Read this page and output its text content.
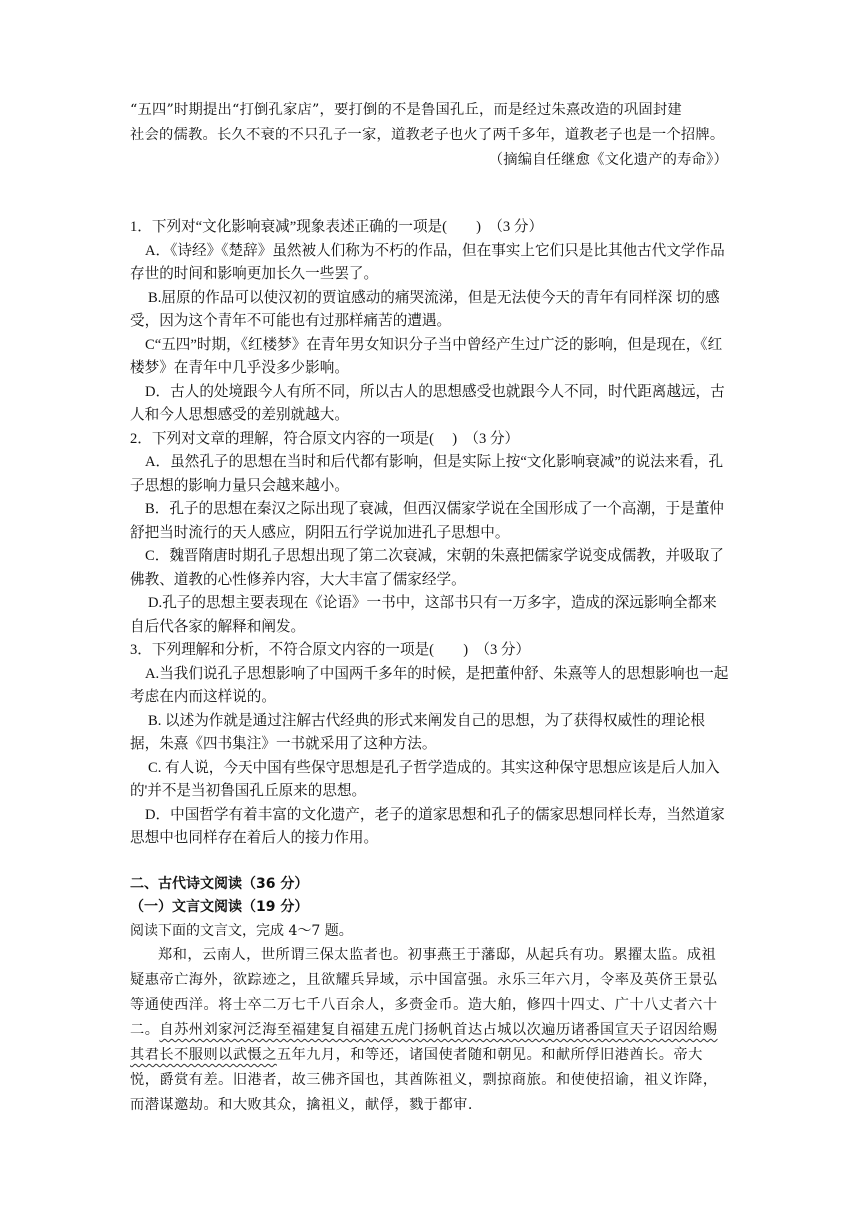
“五四”时期提出“打倒孔家店”，要打倒的不是鲁国孔丘，而是经过朱熹改造的巩固封建

社会的儒教。长久不衰的不只孔子一家，道教老子也火了两千多年，道教老子也是一个招牌。

（摘编自任继愈《文化遗产的寿命》）

1．下列对“文化影响衰减”现象表述正确的一项是(　　)　（3 分）

A．《诗经》《楚辞》虽然被人们称为不朽的作品，但在事实上它们只是比其他古代文学作品存世的时间和影响更加长久一些罢了。

B.屈原的作品可以使汉初的贾谊感动的痛哭流涕，但是无法使今天的青年有同样深 切的感受，因为这个青年不可能也有过那样痛苦的遭遇。

C“五四”时期，《红楼梦》在青年男女知识分子当中曾经产生过广泛的影响，但是现在，《红楼梦》在青年中几乎没多少影响。

D．古人的处境跟今人有所不同，所以古人的思想感受也就跟今人不同，时代距离越远，古人和今人思想感受的差别就越大。

2．下列对文章的理解，符合原文内容的一项是(　 )　（3 分）

A．虽然孔子的思想在当时和后代都有影响，但是实际上按“文化影响衰减”的说法来看，孔子思想的影响力量只会越来越小。

B．孔子的思想在秦汉之际出现了衰减，但西汉儒家学说在全国形成了一个高潮，于是董仲舒把当时流行的天人感应，阴阳五行学说加进孔子思想中。

C．魏晋隋唐时期孔子思想出现了第二次衰减，宋朝的朱熹把儒家学说变成儒教，并吸取了佛教、道教的心性修养内容，大大丰富了儒家经学。

D.孔子的思想主要表现在《论语》一书中，这部书只有一万多字，造成的深远影响全都来自后代各家的解释和阐发。

3．下列理解和分析，不符合原文内容的一项是(　　)　（3 分）

A.当我们说孔子思想影响了中国两千多年的时候，是把董仲舒、朱熹等人的思想影响也一起考虑在内而这样说的。

B. 以述为作就是通过注解古代经典的形式来阐发自己的思想，为了获得权威性的理论根据，朱熹《四书集注》一书就采用了这种方法。

C. 有人说，今天中国有些保守思想是孔子哲学造成的。其实这种保守思想应该是后人加入的'并不是当初鲁国孔丘原来的思想。

D．中国哲学有着丰富的文化遗产，老子的道家思想和孔子的儒家思想同样长寿，当然道家思想中也同样存在着后人的接力作用。

二、古代诗文阅读（36 分）

（一）文言文阅读（19 分）

阅读下面的文言文，完成 4～7 题。

郑和，云南人，世所谓三保太监者也。初事燕王于藩邸，从起兵有功。累擢太监。成祖疑惠帝亡海外，欲踪迹之，且欲耀兵异域，示中国富强。永乐三年六月，令率及英侪王景弘等通使西洋。将士卒二万七千八百余人，多赍金币。造大舶，修四十四丈、广十八丈者六十二。自苏州刘家河泛海至福建复自福建五虎门扬帆首达占城以次遍历诸番国宣天子诏因给赐其君长不服则以武慑之五年九月，和等还，诸国使者随和朝见。和献所俘旧港酋长。帝大悦，爵赏有差。旧港者，故三佛齐国也，其酋陈祖义，剽掠商旅。和使使招谕，祖义诈降，而潜谋邀劫。和大败其众，擒祖义，献俘，戮于都审.
